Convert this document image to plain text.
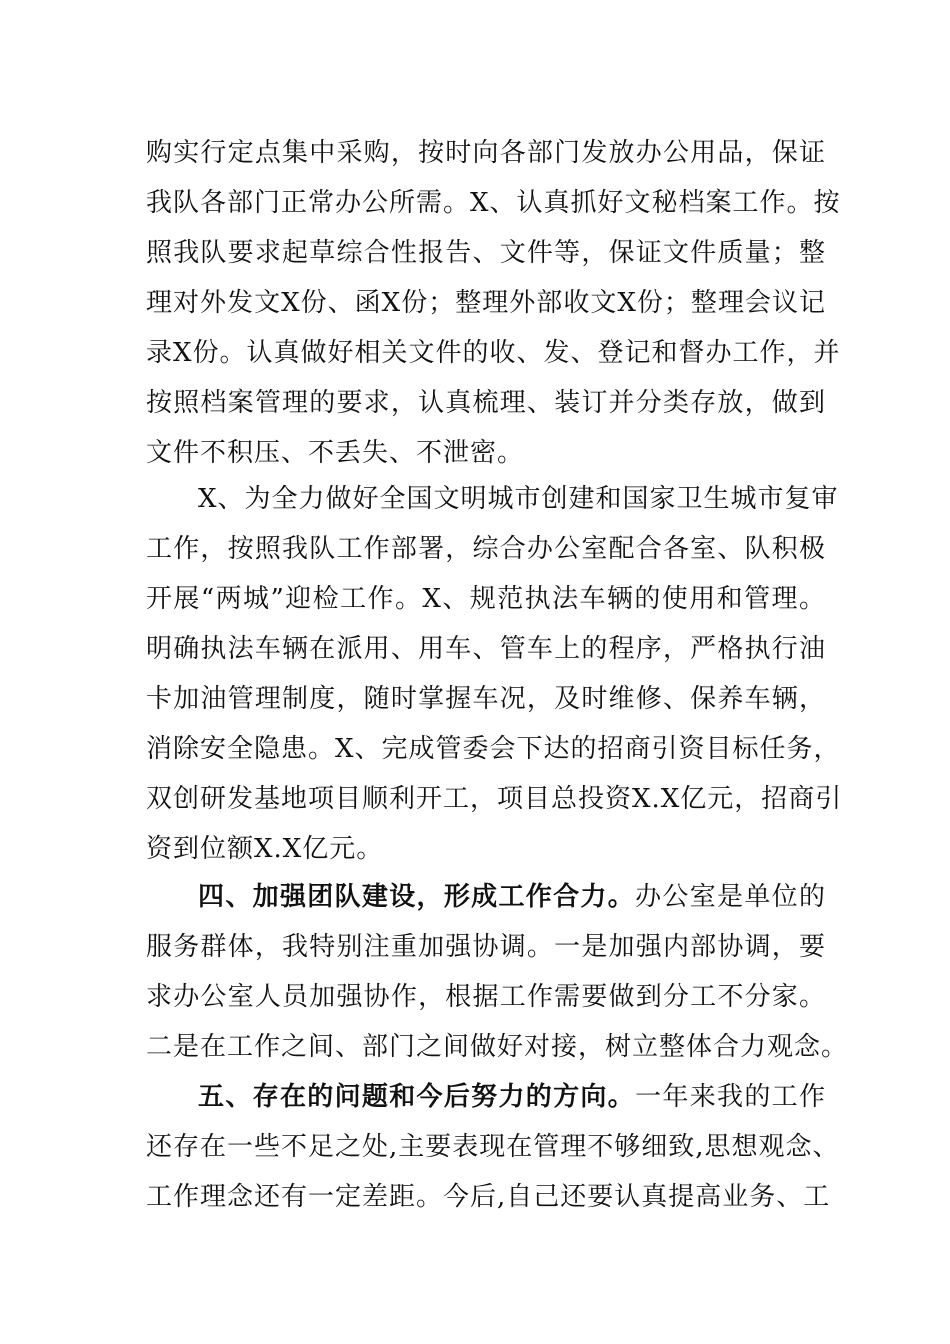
购实行定点集中采购，按时向各部门发放办公用品，保证
我队各部门正常办公所需。X、认真抓好文秘档案工作。按
照我队要求起草综合性报告、文件等，保证文件质量；整
理对外发文X份、函X份；整理外部收文X份；整理会议记
录X份。认真做好相关文件的收、发、登记和督办工作，并
按照档案管理的要求，认真梳理、装订并分类存放，做到
文件不积压、不丢失、不泄密。
X、为全力做好全国文明城市创建和国家卫生城市复审
工作，按照我队工作部署，综合办公室配合各室、队积极
开展“两城”迎检工作。X、规范执法车辆的使用和管理。
明确执法车辆在派用、用车、管车上的程序，严格执行油
卡加油管理制度，随时掌握车况，及时维修、保养车辆，
消除安全隐患。X、完成管委会下达的招商引资目标任务，
双创研发基地项目顺利开工，项目总投资X.X亿元，招商引
资到位额X.X亿元。
四、加强团队建设，形成工作合力。办公室是单位的
服务群体，我特别注重加强协调。一是加强内部协调，要
求办公室人员加强协作，根据工作需要做到分工不分家。
二是在工作之间、部门之间做好对接，树立整体合力观念。
五、存在的问题和今后努力的方向。一年来我的工作
还存在一些不足之处,主要表现在管理不够细致,思想观念、
工作理念还有一定差距。今后,自己还要认真提高业务、工
